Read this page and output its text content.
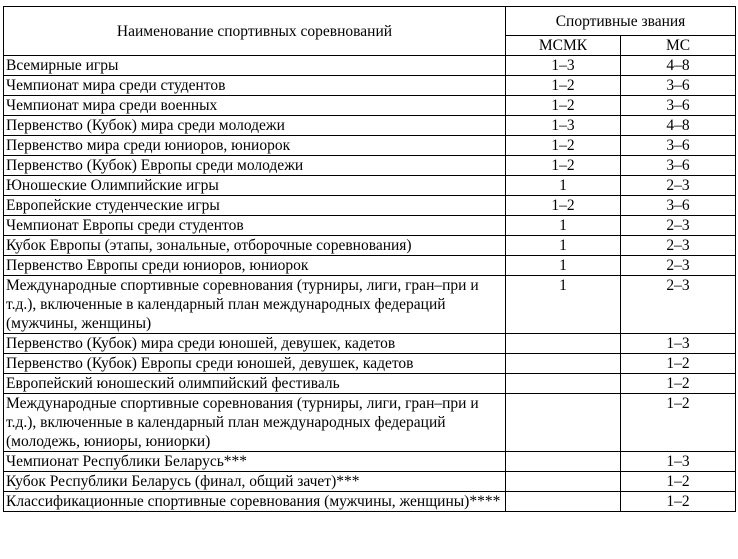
Наименование спортивных соревнований	Спортивные звания	
	МСМК	МС
Всемирные игры	1–3	4–8
Чемпионат мира среди студентов	1–2	3–6
Чемпионат мира среди военных	1–2	3–6
Первенство (Кубок) мира среди молодежи	1–3	4–8
Первенство мира среди юниоров, юниорок	1–2	3–6
Первенство (Кубок) Европы среди молодежи	1–2	3–6
Юношеские Олимпийские игры	1	2–3
Европейские студенческие игры	1–2	3–6
Чемпионат Европы среди студентов	1	2–3
Кубок Европы (этапы, зональные, отборочные соревнования)	1	2–3
Первенство Европы среди юниоров, юниорок	1	2–3
Международные спортивные соревнования (турниры, лиги, гран–при и т.д.), включенные в календарный план международных федераций (мужчины, женщины)	1	2–3
Первенство (Кубок) мира среди юношей, девушек, кадетов		1–3
Первенство (Кубок) Европы среди юношей, девушек, кадетов		1–2
Европейский юношеский олимпийский фестиваль		1–2
Международные спортивные соревнования (турниры, лиги, гран–при и т.д.), включенные в календарный план международных федераций (молодежь, юниоры, юниорки)		1–2
Чемпионат Республики Беларусь***		1–3
Кубок Республики Беларусь (финал, общий зачет)***		1–2
Классификационные спортивные соревнования (мужчины, женщины)****		1–2
